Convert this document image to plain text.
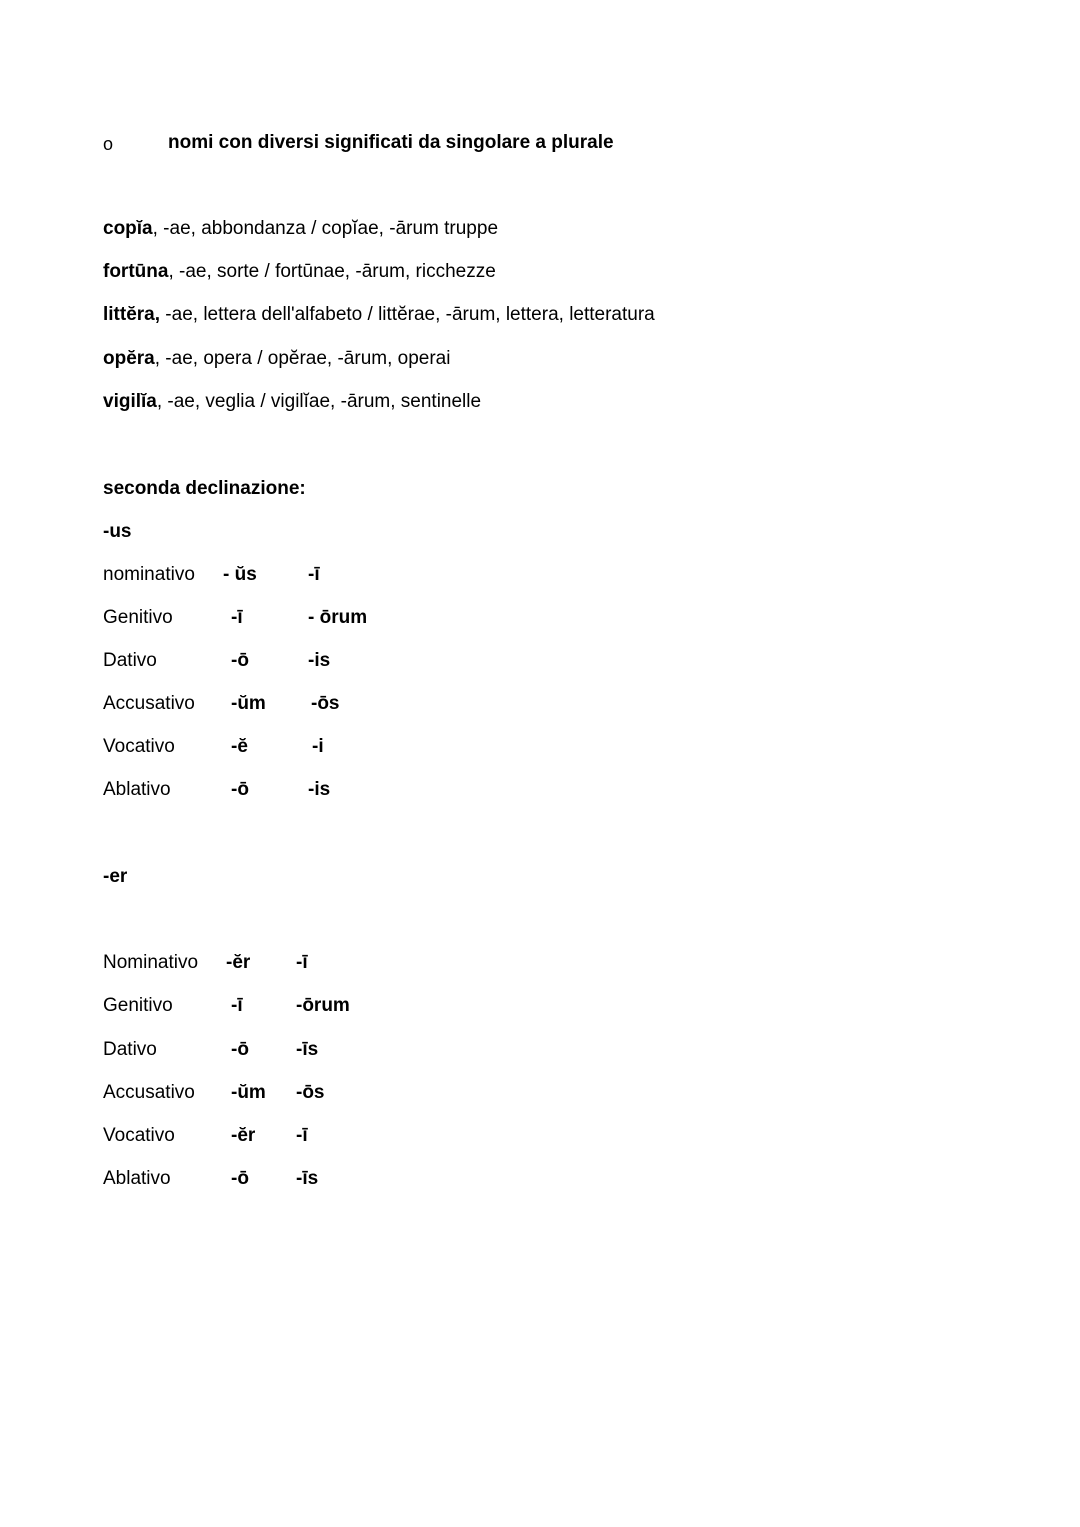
o	nomi con diversi significati da singolare a plurale
copĭa, -ae, abbondanza / copĭae, -ārum truppe
fortūna, -ae, sorte / fortūnae, -ārum, ricchezze
littĕra, -ae, lettera dell'alfabeto / littĕrae, -ārum, lettera, letteratura
opĕra, -ae, opera / opĕrae, -ārum, operai
vigilĭa, -ae, veglia / vigilĭae, -ārum, sentinelle
seconda declinazione:
-us
nominativo - ŭs	-ī
Genitivo	-ī	- ōrum
Dativo	-ō	-is
Accusativo -ŭm -ōs
Vocativo	-ĕ	-i
Ablativo	-ō	-is
-er
Nominativo -ĕr -ī
Genitivo	-ī	-ōrum
Dativo	-ō -īs
Accusativo -ŭm -ōs
Vocativo	-ĕr -ī
Ablativo	-ō -īs
